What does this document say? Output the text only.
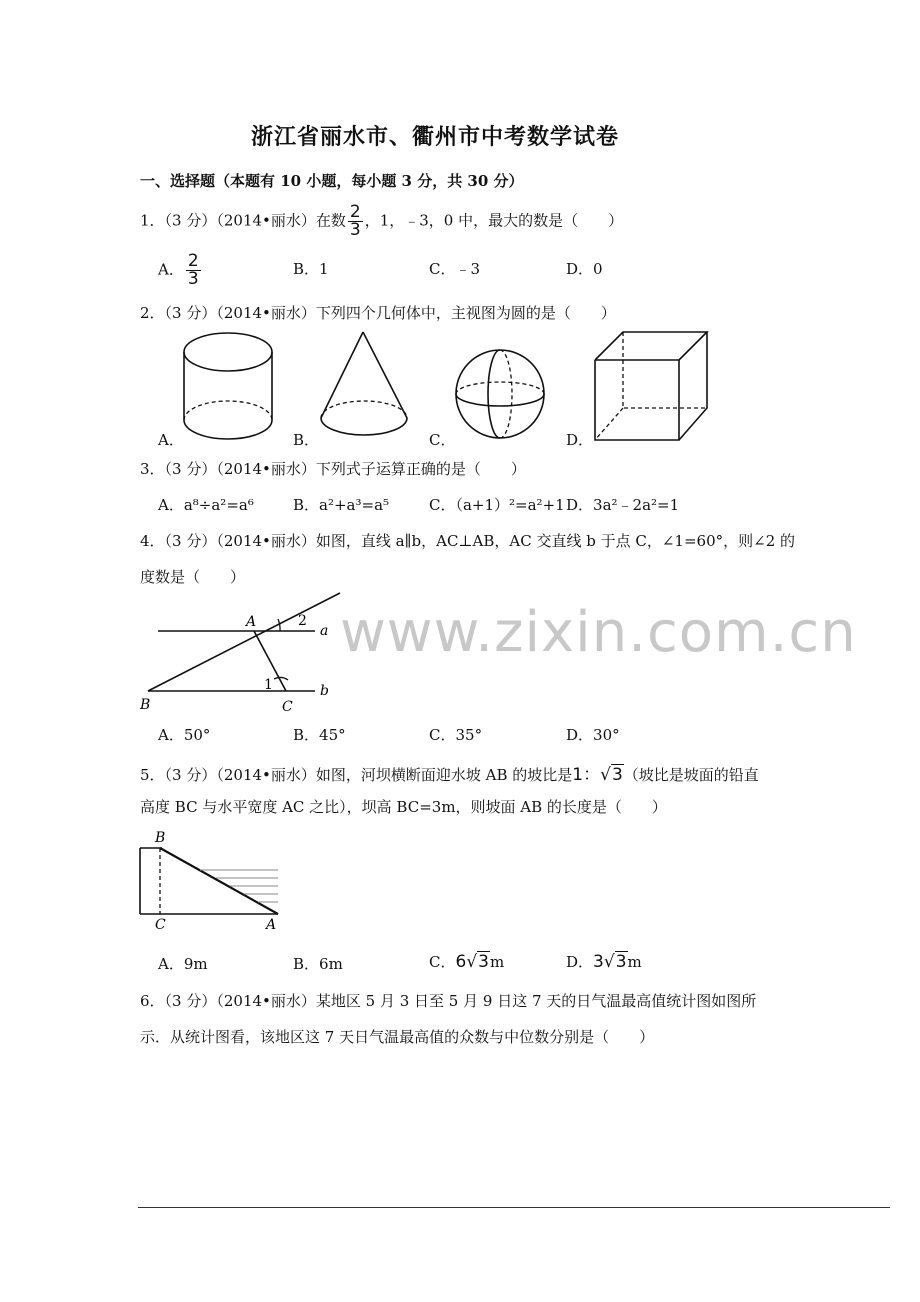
浙江省丽水市、衢州市中考数学试卷
一、选择题（本题有 10 小题，每小题 3 分，共 30 分）
1．（3 分）（2014•丽水）在数 $\frac{2}{3}$ ，1，﹣3，0 中，最大的数是（　　）
A． $\frac{2}{3}$	B．1	C．﹣3	D．0
2．（3 分）（2014•丽水）下列四个几何体中，主视图为圆的是（　　）
A．	B．	C．	D．
3．（3 分）（2014•丽水）下列式子运算正确的是（　　）
A．a⁸÷a²=a⁶	B．a²+a³=a⁵	C．（a+1）²=a²+1 D．3a²﹣2a²=1
4．（3 分）（2014•丽水）如图，直线 a∥b，AC⊥AB，AC 交直线 b 于点 C，∠1=60°，则∠2 的
度数是（　　）
A
B	C
a
b
1
2
A．50°	B．45°	C．35°	D．30°
5．（3 分）（2014•丽水）如图，河坝横断面迎水坡 AB 的坡比是1：√3（坡比是坡面的铅直
高度 BC 与水平宽度 AC 之比），坝高 BC=3m，则坡面 AB 的长度是（　　）
B
C	A
A．9m	B．6m	C．6√3m	D．3√3m
6．（3 分）（2014•丽水）某地区 5 月 3 日至 5 月 9 日这 7 天的日气温最高值统计图如图所
示．从统计图看，该地区这 7 天日气温最高值的众数与中位数分别是（　　）
www.zixin.com.cn
